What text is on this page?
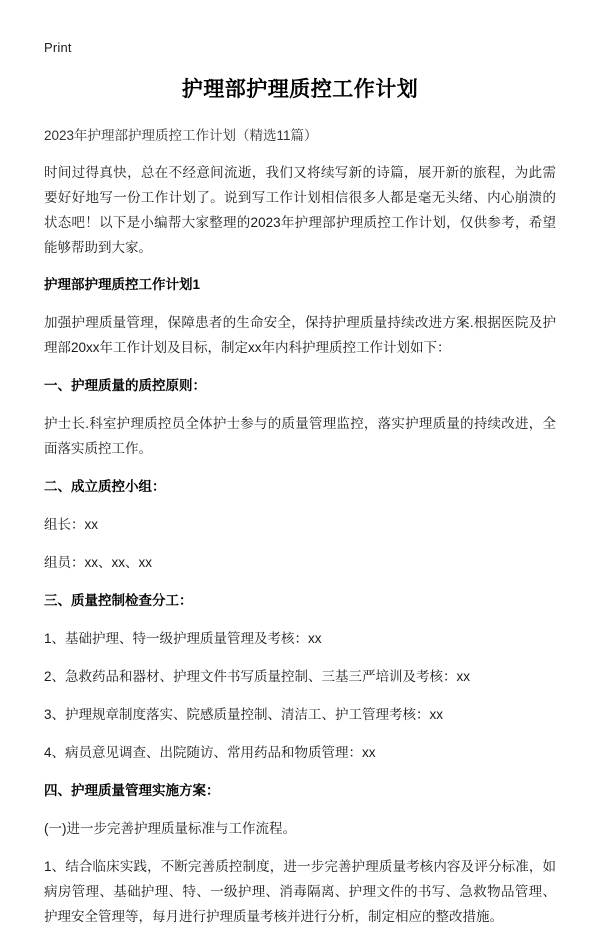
Print
护理部护理质控工作计划
2023年护理部护理质控工作计划（精选11篇）

时间过得真快，总在不经意间流逝，我们又将续写新的诗篇，展开新的旅程，为此需要好好地写一份工作计划了。说到写工作计划相信很多人都是毫无头绪、内心崩溃的状态吧！以下是小编帮大家整理的2023年护理部护理质控工作计划，仅供参考，希望能够帮助到大家。

护理部护理质控工作计划1

加强护理质量管理，保障患者的生命安全，保持护理质量持续改进方案.根据医院及护理部20xx年工作计划及目标，制定xx年内科护理质控工作计划如下：

一、护理质量的质控原则：

护士长.科室护理质控员全体护士参与的质量管理监控，落实护理质量的持续改进，全面落实质控工作。

二、成立质控小组：

组长：xx

组员：xx、xx、xx

三、质量控制检查分工：

1、基础护理、特一级护理质量管理及考核：xx

2、急救药品和器材、护理文件书写质量控制、三基三严培训及考核：xx

3、护理规章制度落实、院感质量控制、清洁工、护工管理考核：xx

4、病员意见调查、出院随访、常用药品和物质管理：xx

四、护理质量管理实施方案：

(一)进一步完善护理质量标准与工作流程。

1、结合临床实践，不断完善质控制度，进一步完善护理质量考核内容及评分标准，如病房管理、基础护理、特、一级护理、消毒隔离、护理文件的书写、急救物品管理、护理安全管理等，每月进行护理质量考核并进行分析，制定相应的整改措施。
